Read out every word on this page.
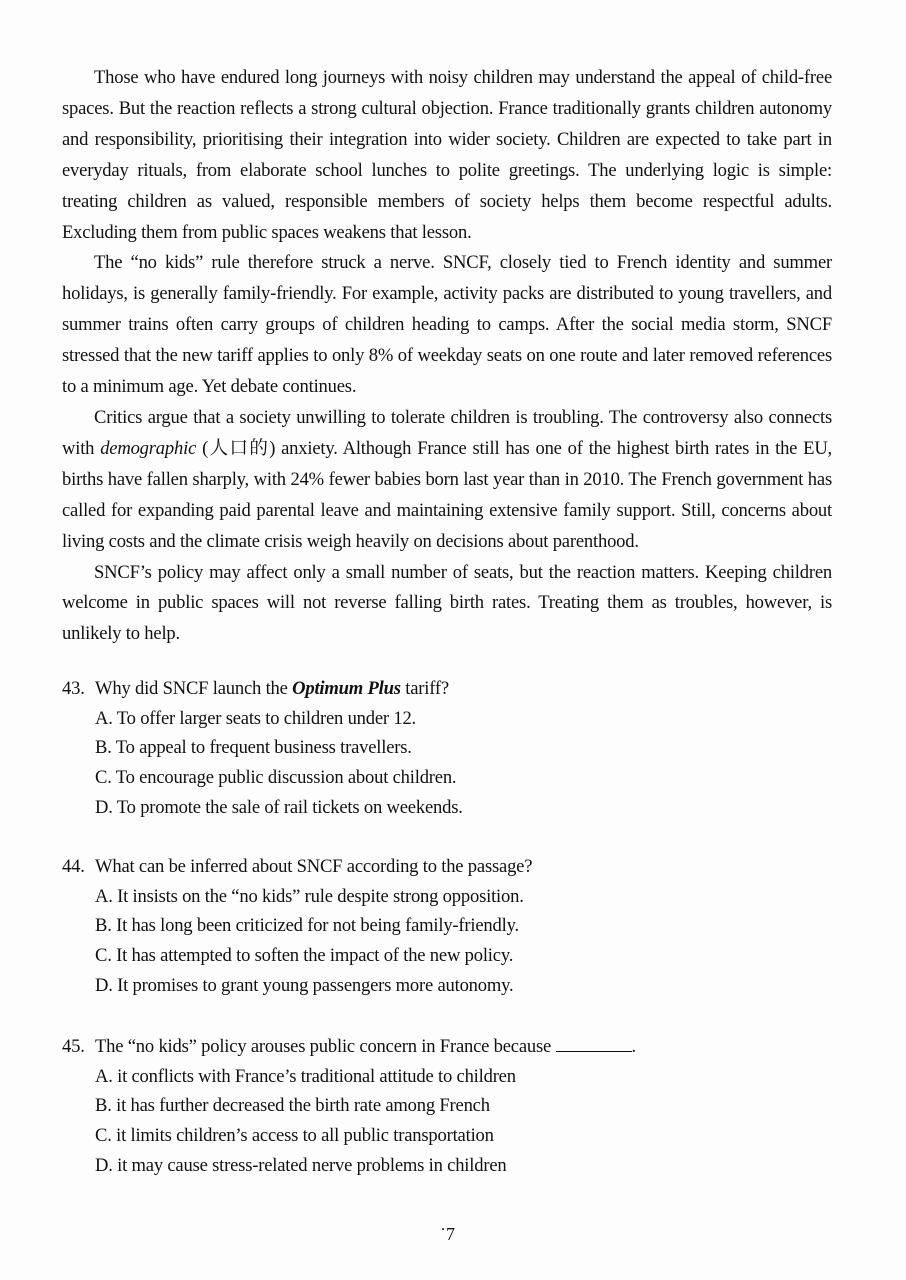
Those who have endured long journeys with noisy children may understand the appeal of child-free spaces. But the reaction reflects a strong cultural objection. France traditionally grants children autonomy and responsibility, prioritising their integration into wider society. Children are expected to take part in everyday rituals, from elaborate school lunches to polite greetings. The underlying logic is simple: treating children as valued, responsible members of society helps them become respectful adults. Excluding them from public spaces weakens that lesson.

The “no kids” rule therefore struck a nerve. SNCF, closely tied to French identity and summer holidays, is generally family-friendly. For example, activity packs are distributed to young travellers, and summer trains often carry groups of children heading to camps. After the social media storm, SNCF stressed that the new tariff applies to only 8% of weekday seats on one route and later removed references to a minimum age. Yet debate continues.

Critics argue that a society unwilling to tolerate children is troubling. The controversy also connects with demographic (人口的) anxiety. Although France still has one of the highest birth rates in the EU, births have fallen sharply, with 24% fewer babies born last year than in 2010. The French government has called for expanding paid parental leave and maintaining extensive family support. Still, concerns about living costs and the climate crisis weigh heavily on decisions about parenthood.

SNCF’s policy may affect only a small number of seats, but the reaction matters. Keeping children welcome in public spaces will not reverse falling birth rates. Treating them as troubles, however, is unlikely to help.

43. Why did SNCF launch the Optimum Plus tariff?
A. To offer larger seats to children under 12.
B. To appeal to frequent business travellers.
C. To encourage public discussion about children.
D. To promote the sale of rail tickets on weekends.
44. What can be inferred about SNCF according to the passage?
A. It insists on the “no kids” rule despite strong opposition.
B. It has long been criticized for not being family-friendly.
C. It has attempted to soften the impact of the new policy.
D. It promises to grant young passengers more autonomy.
45. The “no kids” policy arouses public concern in France because	.
A. it conflicts with France’s traditional attitude to children
B. it has further decreased the birth rate among French
C. it limits children’s access to all public transportation
D. it may cause stress-related nerve problems in children
˙7
